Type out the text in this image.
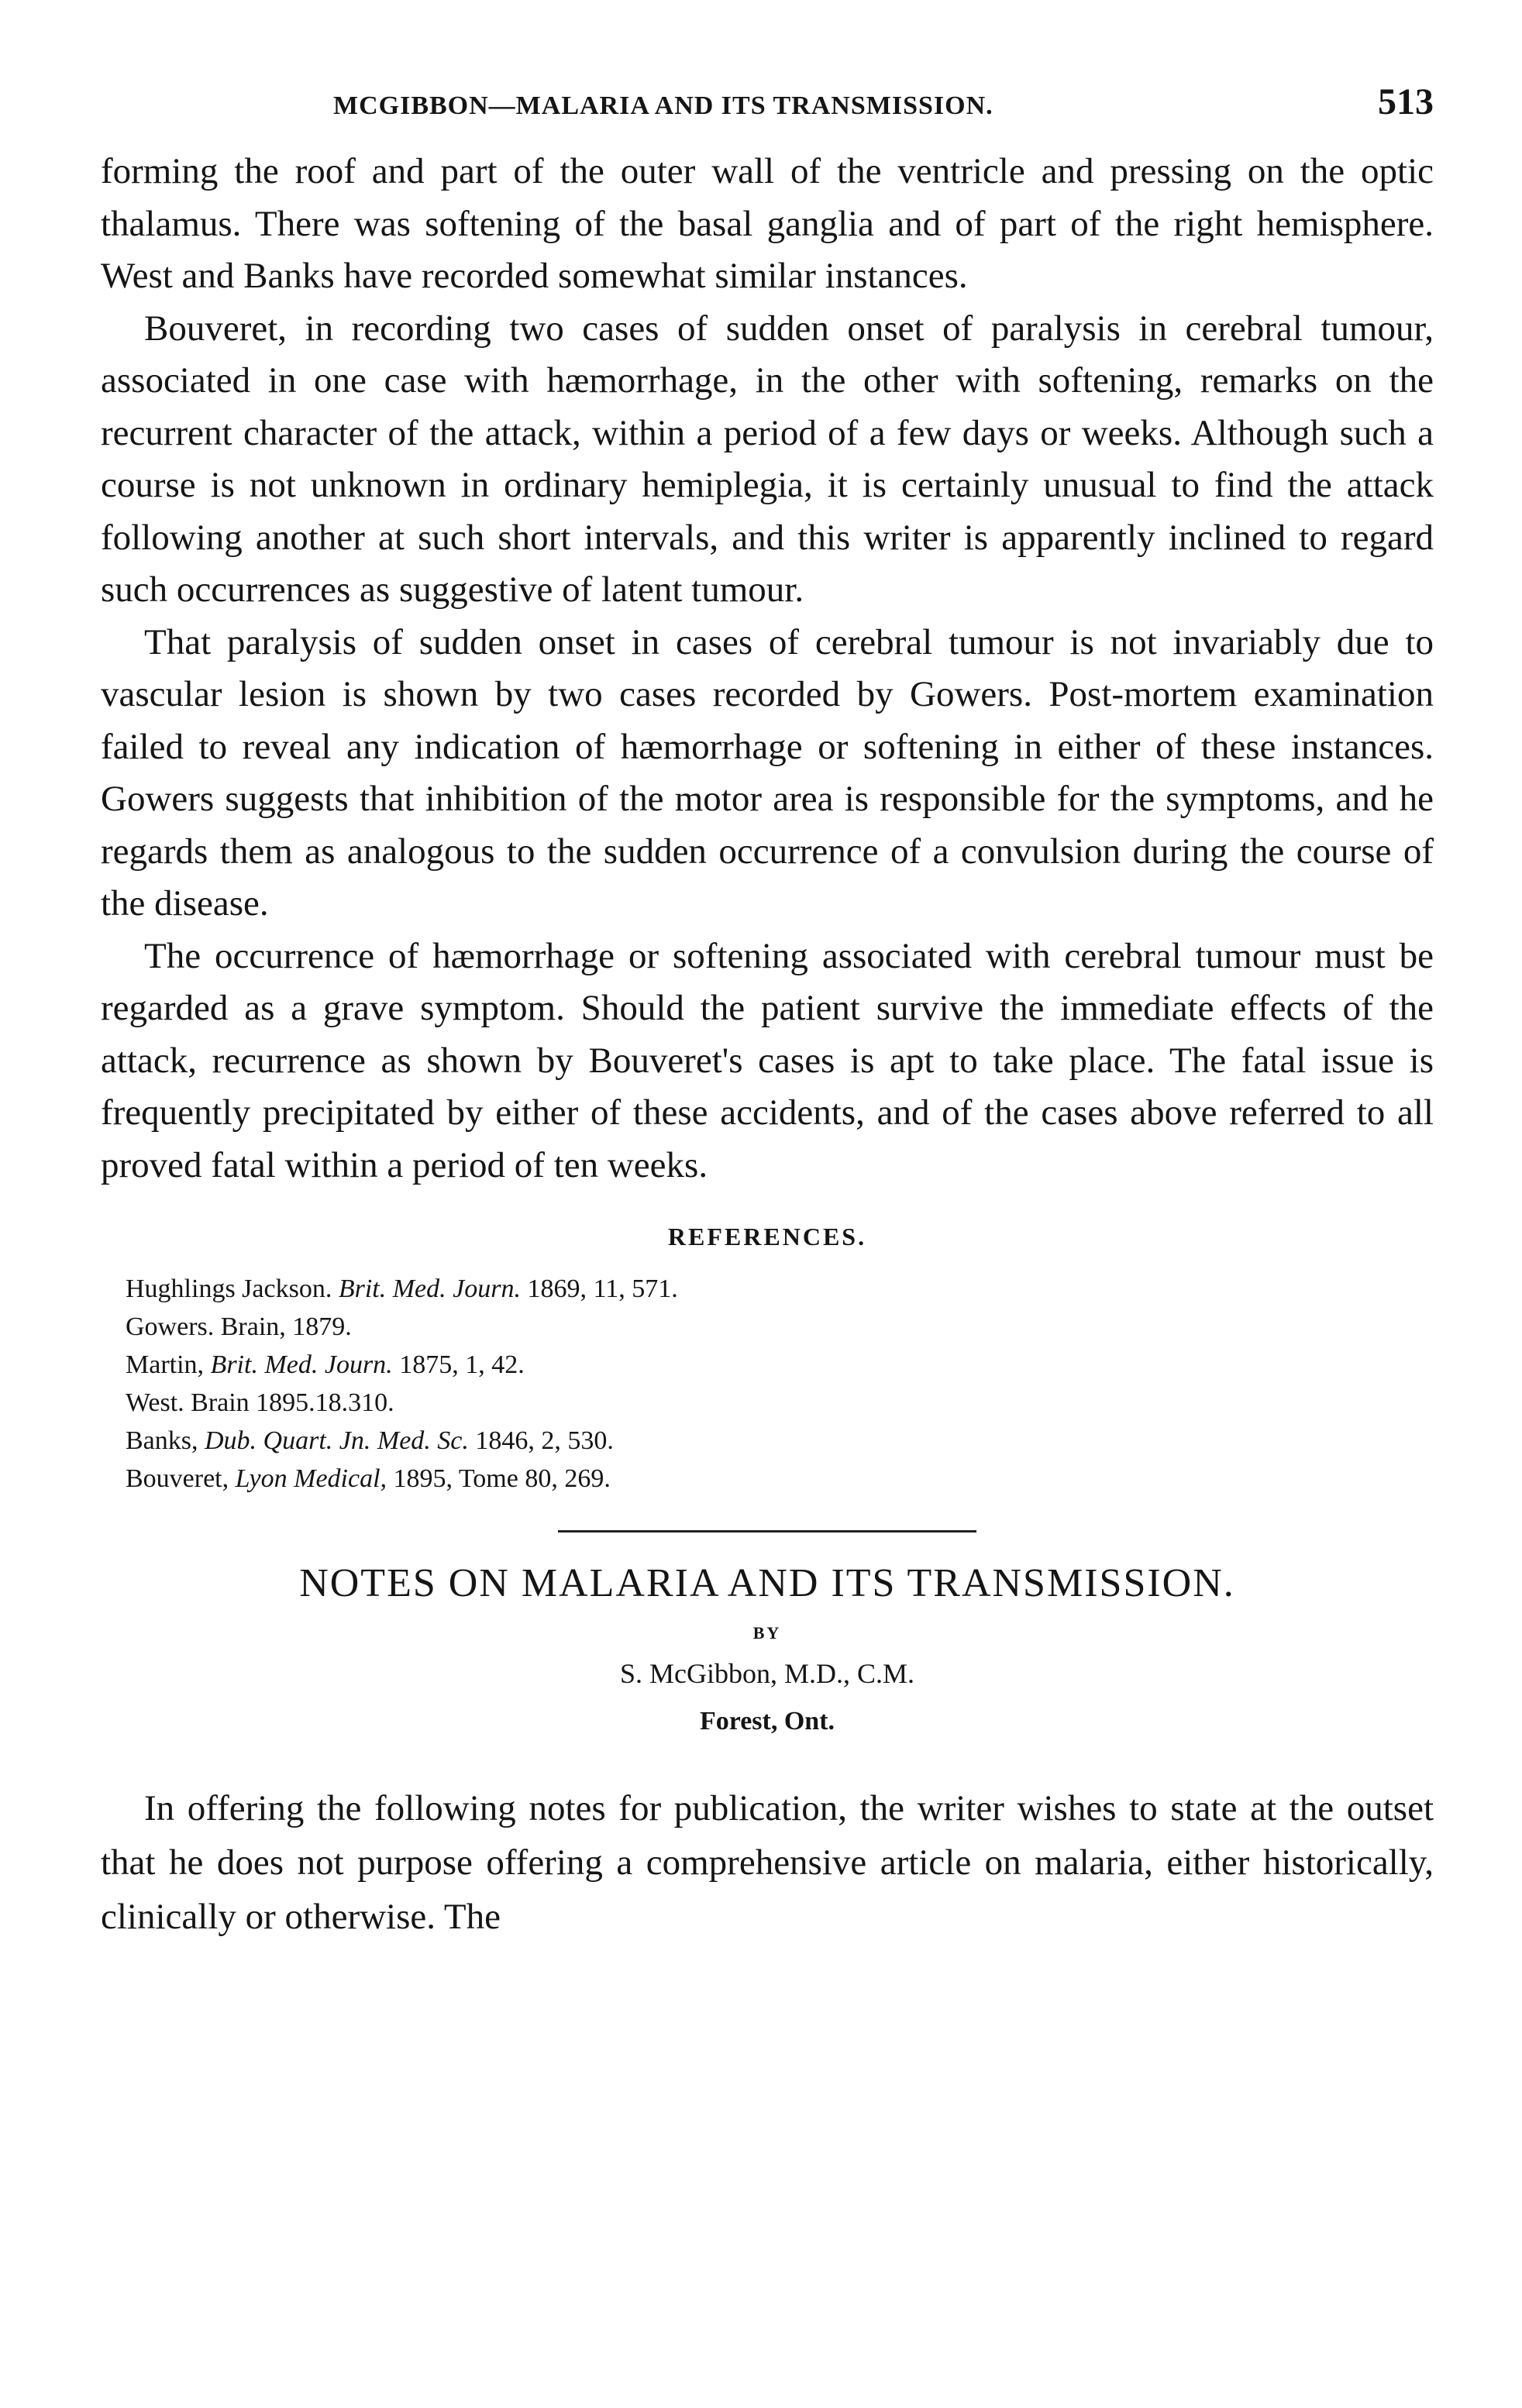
MCGIBBON—MALARIA AND ITS TRANSMISSION.	513

forming the roof and part of the outer wall of the ventricle and pressing on the optic thalamus. There was softening of the basal ganglia and of part of the right hemisphere. West and Banks have recorded somewhat similar instances.

Bouveret, in recording two cases of sudden onset of paralysis in cerebral tumour, associated in one case with hæmorrhage, in the other with softening, remarks on the recurrent character of the attack, within a period of a few days or weeks. Although such a course is not unknown in ordinary hemiplegia, it is certainly unusual to find the attack following another at such short intervals, and this writer is apparently inclined to regard such occurrences as suggestive of latent tumour.

That paralysis of sudden onset in cases of cerebral tumour is not invariably due to vascular lesion is shown by two cases recorded by Gowers. Post-mortem examination failed to reveal any indication of hæmorrhage or softening in either of these instances. Gowers suggests that inhibition of the motor area is responsible for the symptoms, and he regards them as analogous to the sudden occurrence of a convulsion during the course of the disease.

The occurrence of hæmorrhage or softening associated with cerebral tumour must be regarded as a grave symptom. Should the patient survive the immediate effects of the attack, recurrence as shown by Bouveret's cases is apt to take place. The fatal issue is frequently precipitated by either of these accidents, and of the cases above referred to all proved fatal within a period of ten weeks.

REFERENCES.
Hughlings Jackson. Brit. Med. Journ. 1869, 11, 571.
Gowers. Brain, 1879.
Martin, Brit. Med. Journ. 1875, 1, 42.
West. Brain 1895.18.310.
Banks, Dub. Quart. Jn. Med. Sc. 1846, 2, 530.
Bouveret, Lyon Medical, 1895, Tome 80, 269.
NOTES ON MALARIA AND ITS TRANSMISSION.
BY
S. McGibbon, M.D., C.M.
Forest, Ont.

In offering the following notes for publication, the writer wishes to state at the outset that he does not purpose offering a comprehensive article on malaria, either historically, clinically or otherwise. The
